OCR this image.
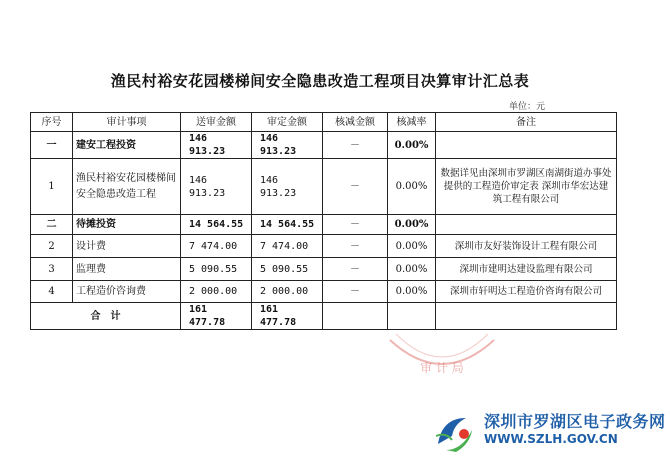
渔民村裕安花园楼梯间安全隐患改造工程项目决算审计汇总表
单位：元
序号	审计事项	送审金额	审定金额	核减金额	核减率	备注
一	建安工程投资	146 913.23	146 913.23	－	0.00%	
1	渔民村裕安花园楼梯间安全隐患改造工程	146 913.23	146 913.23	－	0.00%	数据详见由深圳市罗湖区南湖街道办事处提供的工程造价审定表 深圳市华宏达建筑工程有限公司
二	待摊投资	14 564.55	14 564.55	－	0.00%	
2	设计费	7 474.00	7 474.00	－	0.00%	深圳市友好装饰设计工程有限公司
3	监理费	5 090.55	5 090.55	－	0.00%	深圳市建明达建设监理有限公司
4	工程造价咨询费	2 000.00	2 000.00	－	0.00%	深圳市轩明达工程造价咨询有限公司
合　计		161 477.78	161 477.78			
审 计 局
深圳市罗湖区电子政务网
WWW.SZLH.GOV.CN
